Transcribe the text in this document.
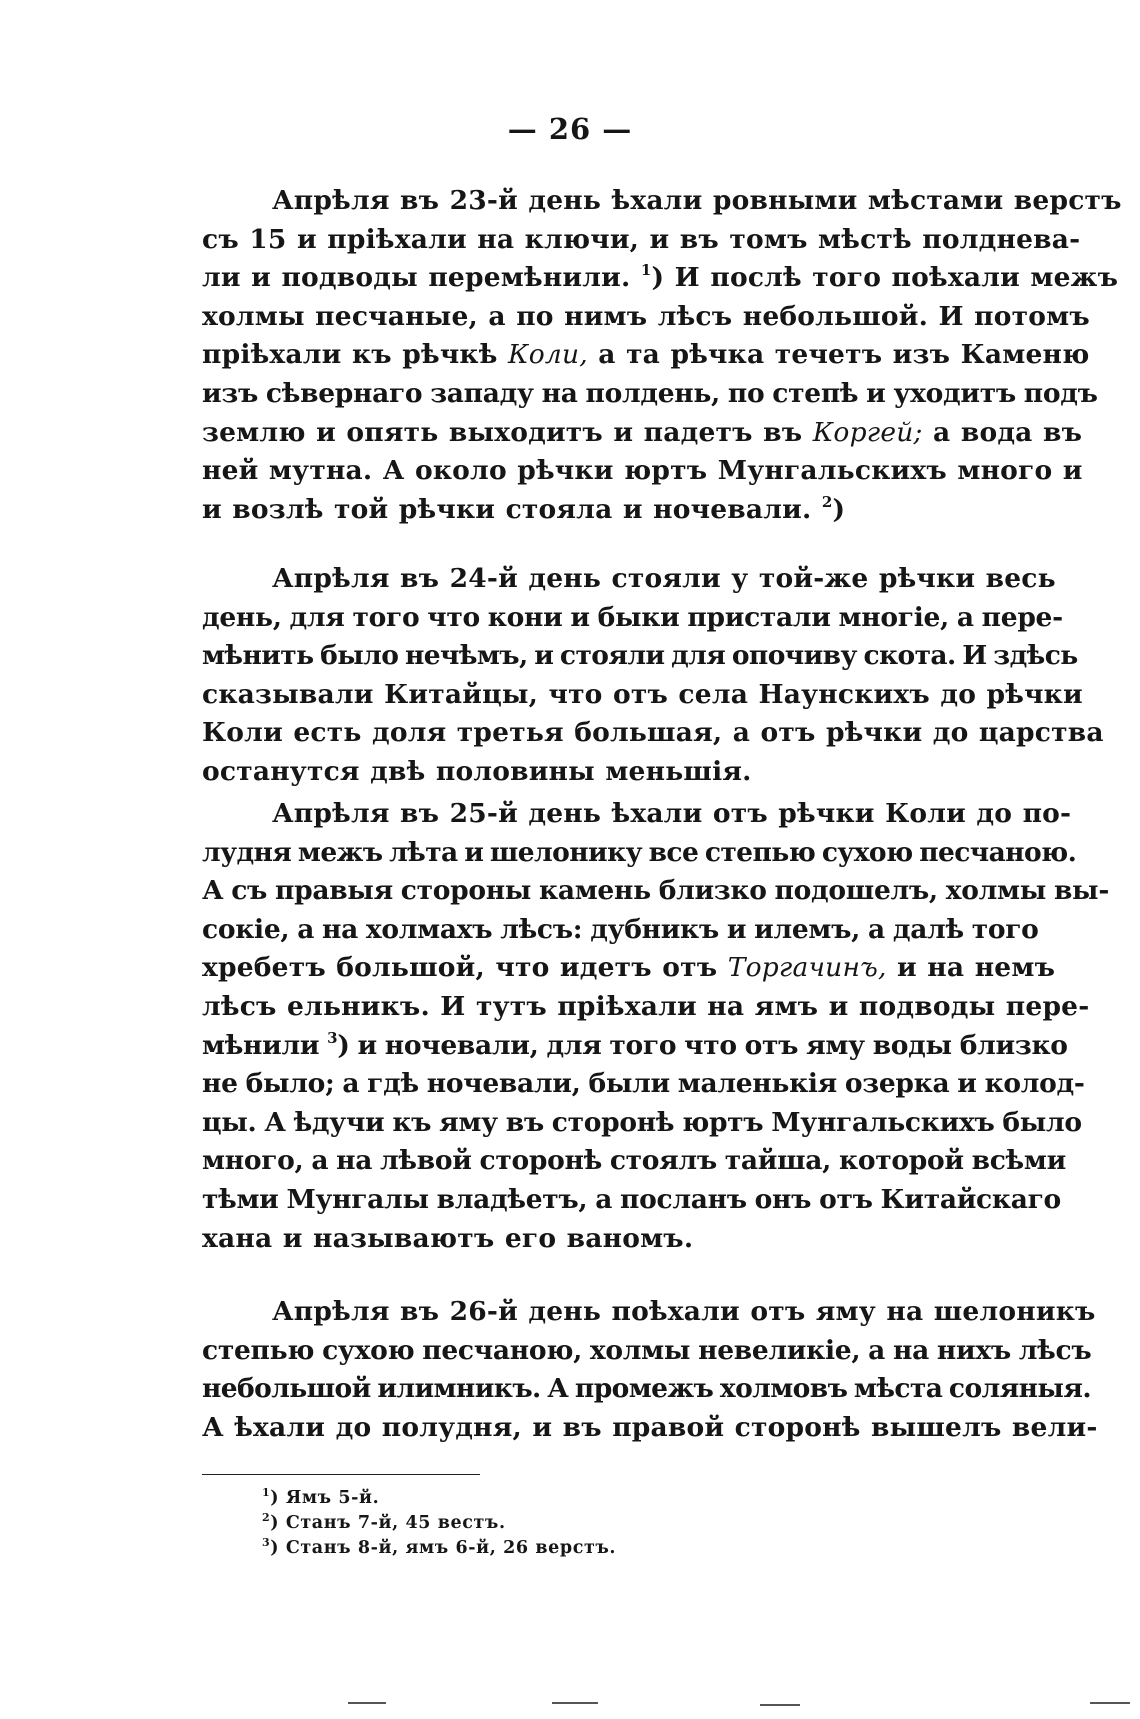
— 26 —
Апрѣля въ 23-й день ѣхали ровными мѣстами верстъ
съ 15 и пріѣхали на ключи, и въ томъ мѣстѣ полднева-
ли и подводы перемѣнили. $^1$) И послѣ того поѣхали межъ
холмы песчаные, а по нимъ лѣсъ небольшой. И потомъ
пріѣхали къ рѣчкѣ Коли, а та рѣчка течетъ изъ Каменю
изъ сѣвернаго западу на полдень, по степѣ и уходитъ подъ
землю и опять выходитъ и падетъ въ Коргей; а вода въ
ней мутна. А около рѣчки юртъ Мунгальскихъ много и
и возлѣ той рѣчки стояла и ночевали. $^2$)
Апрѣля въ 24-й день стояли у той-же рѣчки весь
день, для того что кони и быки пристали многіе, а пере-
мѣнить было нечѣмъ, и стояли для опочиву скота. И здѣсь
сказывали Китайцы, что отъ села Наунскихъ до рѣчки
Коли есть доля третья большая, а отъ рѣчки до царства
останутся двѣ половины меньшія.
Апрѣля въ 25-й день ѣхали отъ рѣчки Коли до по-
лудня межъ лѣта и шелонику все степью сухою песчаною.
А съ правыя стороны камень близко подошелъ, холмы вы-
сокіе, а на холмахъ лѣсъ: дубникъ и илемъ, а далѣ того
хребетъ большой, что идетъ отъ Торгачинъ, и на немъ
лѣсъ ельникъ. И тутъ пріѣхали на ямъ и подводы пере-
мѣнили $^3$) и ночевали, для того что отъ яму воды близко
не было; а гдѣ ночевали, были маленькія озерка и колод-
цы. А ѣдучи къ яму въ сторонѣ юртъ Мунгальскихъ было
много, а на лѣвой сторонѣ стоялъ тайша, которой всѣми
тѣми Мунгалы владѣетъ, а посланъ онъ отъ Китайскаго
хана и называютъ его ваномъ.
Апрѣля въ 26-й день поѣхали отъ яму на шелоникъ
степью сухою песчаною, холмы невеликіе, а на нихъ лѣсъ
небольшой илимникъ. А промежъ холмовъ мѣста соляныя.
А ѣхали до полудня, и въ правой сторонѣ вышелъ вели-
$^1$) Ямъ 5-й.
$^2$) Станъ 7-й, 45 вестъ.
$^3$) Станъ 8-й, ямъ 6-й, 26 верстъ.
